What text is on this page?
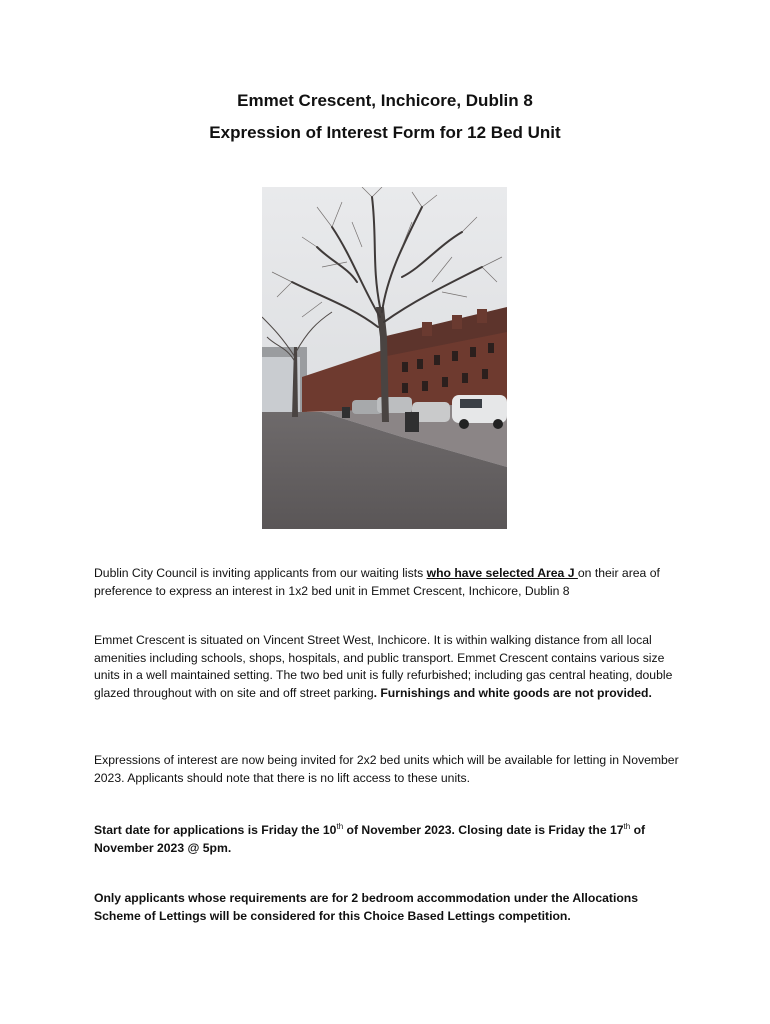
Emmet Crescent, Inchicore, Dublin 8
Expression of Interest Form for 12 Bed Unit

Dublin City Council is inviting applicants from our waiting lists who have selected Area J on their area of preference to express an interest in 1x2 bed unit in Emmet Crescent, Inchicore, Dublin 8

Emmet Crescent is situated on Vincent Street West, Inchicore. It is within walking distance from all local amenities including schools, shops, hospitals, and public transport. Emmet Crescent contains various size units in a well maintained setting. The two bed unit is fully refurbished; including gas central heating, double glazed throughout with on site and off street parking. Furnishings and white goods are not provided.

Expressions of interest are now being invited for 2x2 bed units which will be available for letting in November 2023. Applicants should note that there is no lift access to these units.

Start date for applications is Friday the 10th of November 2023. Closing date is Friday the 17th of November 2023 @ 5pm.

Only applicants whose requirements are for 2 bedroom accommodation under the Allocations Scheme of Lettings will be considered for this Choice Based Lettings competition.
